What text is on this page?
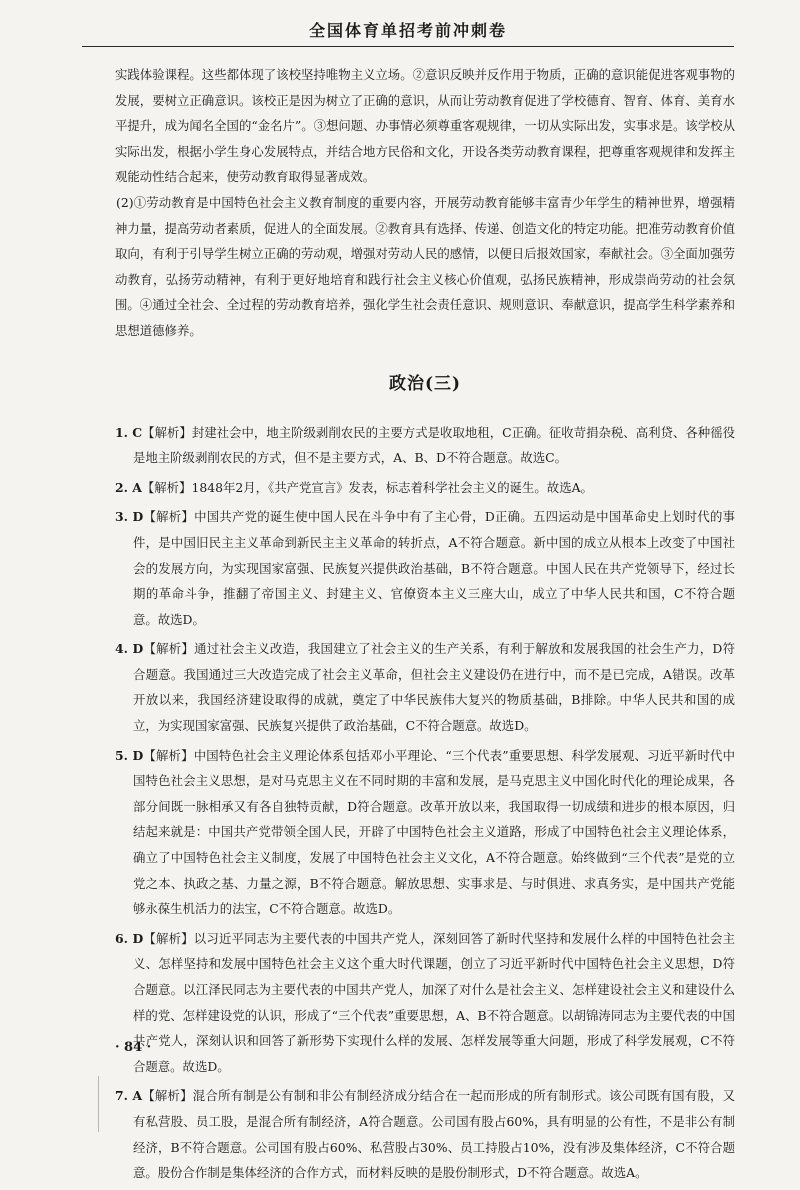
全国体育单招考前冲刺卷

实践体验课程。这些都体现了该校坚持唯物主义立场。②意识反映并反作用于物质，正确的意识能促进客观事物的发展，要树立正确意识。该校正是因为树立了正确的意识，从而让劳动教育促进了学校德育、智育、体育、美育水平提升，成为闻名全国的“金名片”。③想问题、办事情必须尊重客观规律，一切从实际出发，实事求是。该学校从实际出发，根据小学生身心发展特点，并结合地方民俗和文化，开设各类劳动教育课程，把尊重客观规律和发挥主观能动性结合起来，使劳动教育取得显著成效。

(2)①劳动教育是中国特色社会主义教育制度的重要内容，开展劳动教育能够丰富青少年学生的精神世界，增强精神力量，提高劳动者素质，促进人的全面发展。②教育具有选择、传递、创造文化的特定功能。把准劳动教育价值取向，有利于引导学生树立正确的劳动观，增强对劳动人民的感情，以便日后报效国家，奉献社会。③全面加强劳动教育，弘扬劳动精神，有利于更好地培育和践行社会主义核心价值观，弘扬民族精神，形成崇尚劳动的社会氛围。④通过全社会、全过程的劳动教育培养，强化学生社会责任意识、规则意识、奉献意识，提高学生科学素养和思想道德修养。

政治(三)

1. C【解析】封建社会中，地主阶级剥削农民的主要方式是收取地租，C正确。征收苛捐杂税、高利贷、各种徭役是地主阶级剥削农民的方式，但不是主要方式，A、B、D不符合题意。故选C。

2. A【解析】1848年2月，《共产党宣言》发表，标志着科学社会主义的诞生。故选A。

3. D【解析】中国共产党的诞生使中国人民在斗争中有了主心骨，D正确。五四运动是中国革命史上划时代的事件，是中国旧民主主义革命到新民主主义革命的转折点，A不符合题意。新中国的成立从根本上改变了中国社会的发展方向，为实现国家富强、民族复兴提供政治基础，B不符合题意。中国人民在共产党领导下，经过长期的革命斗争，推翻了帝国主义、封建主义、官僚资本主义三座大山，成立了中华人民共和国，C不符合题意。故选D。

4. D【解析】通过社会主义改造，我国建立了社会主义的生产关系，有利于解放和发展我国的社会生产力，D符合题意。我国通过三大改造完成了社会主义革命，但社会主义建设仍在进行中，而不是已完成，A错误。改革开放以来，我国经济建设取得的成就，奠定了中华民族伟大复兴的物质基础，B排除。中华人民共和国的成立，为实现国家富强、民族复兴提供了政治基础，C不符合题意。故选D。

5. D【解析】中国特色社会主义理论体系包括邓小平理论、“三个代表”重要思想、科学发展观、习近平新时代中国特色社会主义思想，是对马克思主义在不同时期的丰富和发展，是马克思主义中国化时代化的理论成果，各部分间既一脉相承又有各自独特贡献，D符合题意。改革开放以来，我国取得一切成绩和进步的根本原因，归结起来就是：中国共产党带领全国人民，开辟了中国特色社会主义道路，形成了中国特色社会主义理论体系，确立了中国特色社会主义制度，发展了中国特色社会主义文化，A不符合题意。始终做到“三个代表”是党的立党之本、执政之基、力量之源，B不符合题意。解放思想、实事求是、与时俱进、求真务实，是中国共产党能够永葆生机活力的法宝，C不符合题意。故选D。

6. D【解析】以习近平同志为主要代表的中国共产党人，深刻回答了新时代坚持和发展什么样的中国特色社会主义、怎样坚持和发展中国特色社会主义这个重大时代课题，创立了习近平新时代中国特色社会主义思想，D符合题意。以江泽民同志为主要代表的中国共产党人，加深了对什么是社会主义、怎样建设社会主义和建设什么样的党、怎样建设党的认识，形成了“三个代表”重要思想，A、B不符合题意。以胡锦涛同志为主要代表的中国共产党人，深刻认识和回答了新形势下实现什么样的发展、怎样发展等重大问题，形成了科学发展观，C不符合题意。故选D。

7. A【解析】混合所有制是公有制和非公有制经济成分结合在一起而形成的所有制形式。该公司既有国有股，又有私营股、员工股，是混合所有制经济，A符合题意。公司国有股占60%，具有明显的公有性，不是非公有制经济，B不符合题意。公司国有股占60%、私营股占30%、员工持股占10%，没有涉及集体经济，C不符合题意。股份合作制是集体经济的合作方式，而材料反映的是股份制形式，D不符合题意。故选A。

· 84 ·
